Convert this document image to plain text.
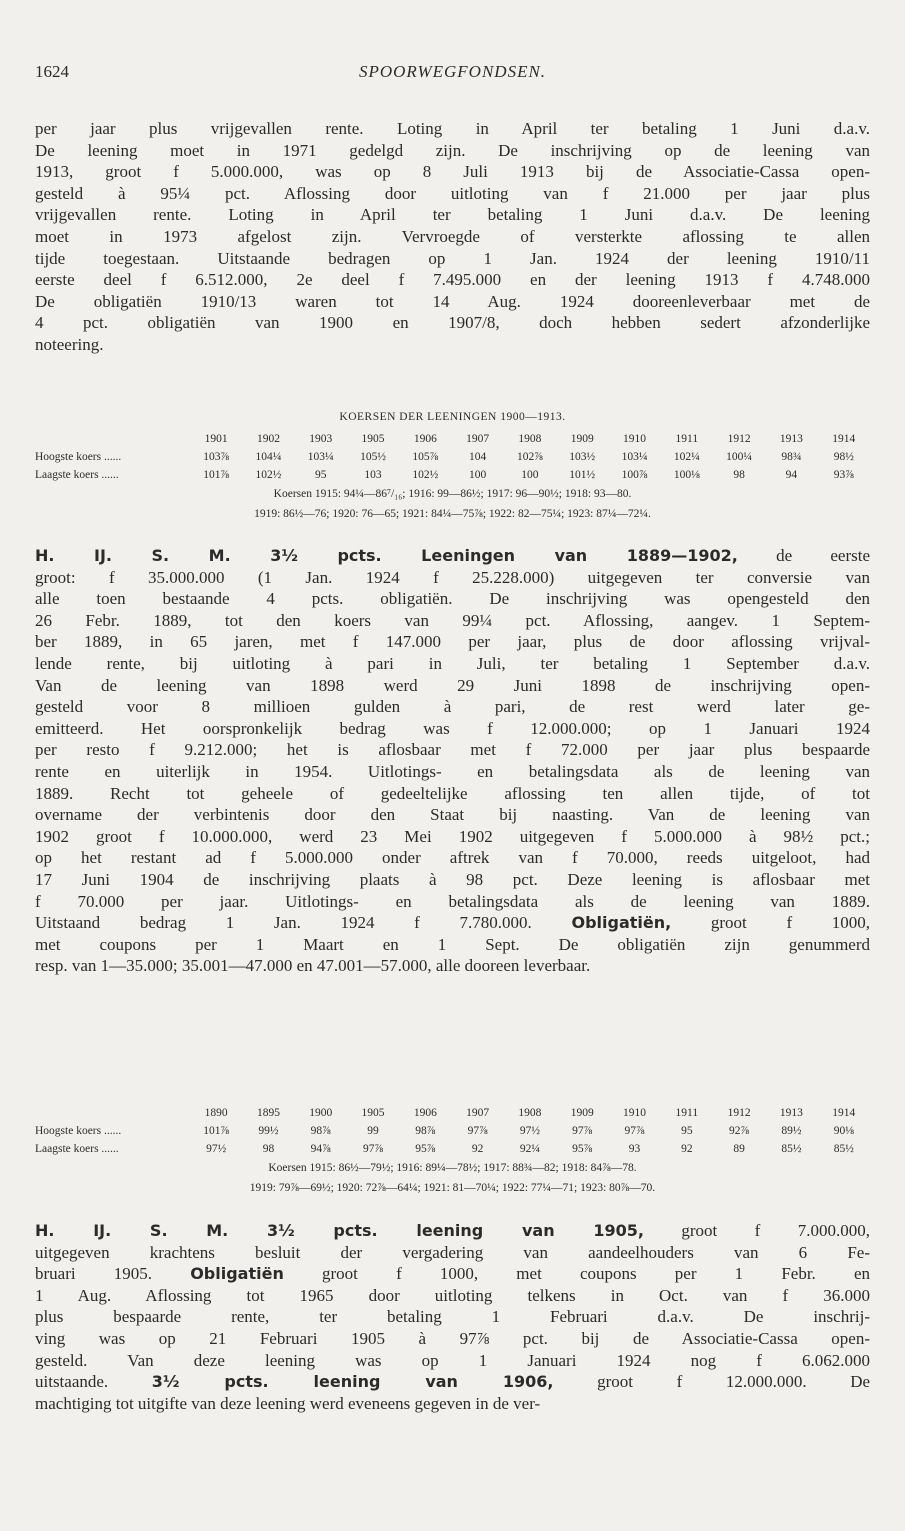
1624	SPOORWEGFONDSEN.
per jaar plus vrijgevallen rente. Loting in April ter betaling 1 Juni d.a.v.
De leening moet in 1971 gedelgd zijn. De inschrijving op de leening van
1913, groot f 5.000.000, was op 8 Juli 1913 bij de Associatie-Cassa open-
gesteld à 95¼ pct. Aflossing door uitloting van f 21.000 per jaar plus
vrijgevallen rente. Loting in April ter betaling 1 Juni d.a.v. De leening
moet in 1973 afgelost zijn. Vervroegde of versterkte aflossing te allen
tijde toegestaan. Uitstaande bedragen op 1 Jan. 1924 der leening 1910/11
eerste deel f 6.512.000, 2e deel f 7.495.000 en der leening 1913 f 4.748.000
De obligatiën 1910/13 waren tot 14 Aug. 1924 dooreenleverbaar met de
4 pct. obligatiën van 1900 en 1907/8, doch hebben sedert afzonderlijke
noteering.
KOERSEN DER LEENINGEN 1900—1913.
	1901	1902	1903	1905	1906	1907	1908	1909	1910	1911	1912	1913	1914
Hoogste koers ......	103⅞	104¼	103¼	105½	105⅞	104	102⅞	103½	103¼	102¼	100¼	98¾	98½
Laagste koers ......	101⅞	102½	95	103	102½	100	100	101½	100⅞	100⅛	98	94	93⅞
Koersen 1915: 94¼—86⁷/₁₆; 1916: 99—86½; 1917: 96—90½; 1918: 93—80.
1919: 86½—76; 1920: 76—65; 1921: 84¼—75⅞; 1922: 82—75¼; 1923: 87¼—72¼.
H. IJ. S. M. 3½ pcts. Leeningen van 1889—1902, de eerste
groot: f 35.000.000 (1 Jan. 1924 f 25.228.000) uitgegeven ter conversie van
alle toen bestaande 4 pcts. obligatiën. De inschrijving was opengesteld den
26 Febr. 1889, tot den koers van 99¼ pct. Aflossing, aangev. 1 Septem-
ber 1889, in 65 jaren, met f 147.000 per jaar, plus de door aflossing vrijval-
lende rente, bij uitloting à pari in Juli, ter betaling 1 September d.a.v.
Van de leening van 1898 werd 29 Juni 1898 de inschrijving open-
gesteld voor 8 millioen gulden à pari, de rest werd later ge-
emitteerd. Het oorspronkelijk bedrag was f 12.000.000; op 1 Januari 1924
per resto f 9.212.000; het is aflosbaar met f 72.000 per jaar plus bespaarde
rente en uiterlijk in 1954. Uitlotings- en betalingsdata als de leening van
1889. Recht tot geheele of gedeeltelijke aflossing ten allen tijde, of tot
overname der verbintenis door den Staat bij naasting. Van de leening van
1902 groot f 10.000.000, werd 23 Mei 1902 uitgegeven f 5.000.000 à 98½ pct.;
op het restant ad f 5.000.000 onder aftrek van f 70.000, reeds uitgeloot, had
17 Juni 1904 de inschrijving plaats à 98 pct. Deze leening is aflosbaar met
f 70.000 per jaar. Uitlotings- en betalingsdata als de leening van 1889.
Uitstaand bedrag 1 Jan. 1924 f 7.780.000. Obligatiën, groot f 1000,
met coupons per 1 Maart en 1 Sept. De obligatiën zijn genummerd
resp. van 1—35.000; 35.001—47.000 en 47.001—57.000, alle dooreen leverbaar.
	1890	1895	1900	1905	1906	1907	1908	1909	1910	1911	1912	1913	1914
Hoogste koers ......	101⅞	99½	98⅞	99	98⅞	97⅞	97½	97⅞	97⅞	95	92⅞	89½	90⅛
Laagste koers ......	97½	98	94⅞	97⅞	95⅞	92	92¼	95⅞	93	92	89	85½	85½
Koersen 1915: 86½—79½; 1916: 89¼—78½; 1917: 88¾—82; 1918: 84⅞—78.
1919: 79⅞—69½; 1920: 72⅞—64¼; 1921: 81—70¼; 1922: 77¼—71; 1923: 80⅞—70.
H. IJ. S. M. 3½ pcts. leening van 1905, groot f 7.000.000,
uitgegeven krachtens besluit der vergadering van aandeelhouders van 6 Fe-
bruari 1905. Obligatiën groot f 1000, met coupons per 1 Febr. en
1 Aug. Aflossing tot 1965 door uitloting telkens in Oct. van f 36.000
plus bespaarde rente, ter betaling 1 Februari d.a.v. De inschrij-
ving was op 21 Februari 1905 à 97⅞ pct. bij de Associatie-Cassa open-
gesteld. Van deze leening was op 1 Januari 1924 nog f 6.062.000
uitstaande.	3½ pcts. leening van 1906,	groot f 12.000.000.	De
machtiging tot uitgifte van deze leening werd eveneens gegeven in de ver-
